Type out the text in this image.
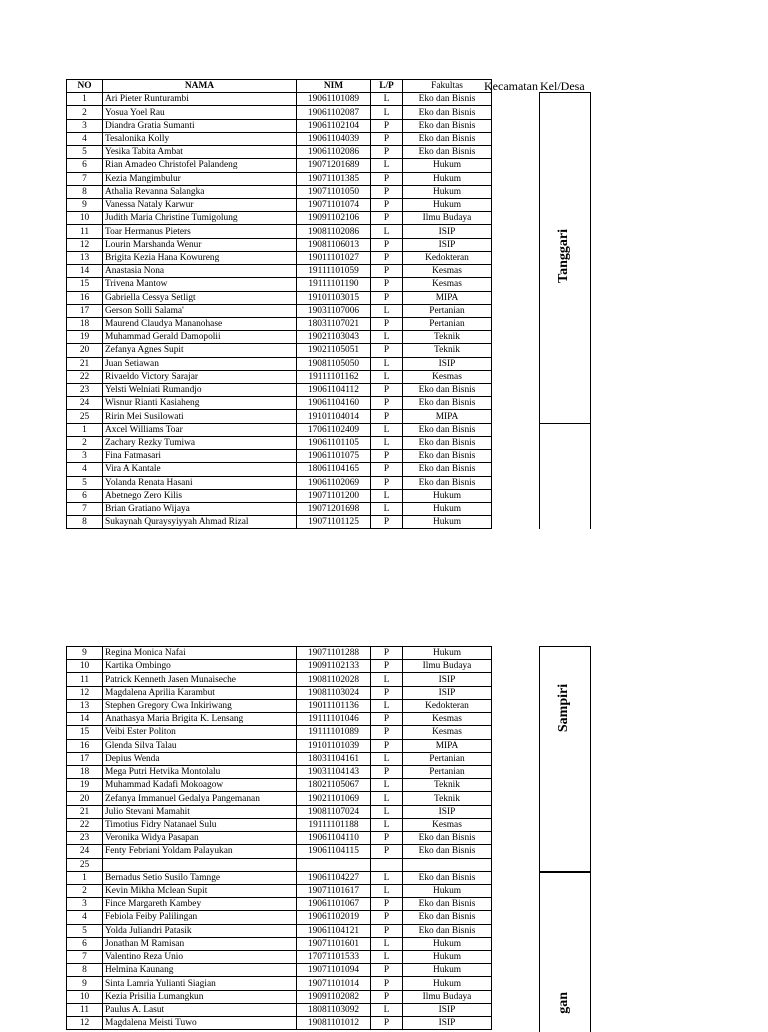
Kecamatan Kel/Desa
NO	NAMA	NIM	L/P	Fakultas
1	Ari Pieter Runturambi	19061101089	L	Eko dan Bisnis
2	Yosua Yoel Rau	19061102087	L	Eko dan Bisnis
3	Diandra Gratia Sumanti	19061102104	P	Eko dan Bisnis
4	Tesalonika Kolly	19061104039	P	Eko dan Bisnis
5	Yesika Tabita Ambat	19061102086	P	Eko dan Bisnis
6	Rian Amadeo Christofel Palandeng	19071201689	L	Hukum
7	Kezia Mangimbulur	19071101385	P	Hukum
8	Athalia Revanna Salangka	19071101050	P	Hukum
9	Vanessa Nataly Karwur	19071101074	P	Hukum
10	Judith Maria Christine Tumigolung	19091102106	P	Ilmu Budaya
11	Toar Hermanus Pieters	19081102086	L	ISIP
12	Lourin Marshanda Wenur	19081106013	P	ISIP
13	Brigita Kezia Hana Kowureng	19011101027	P	Kedokteran
14	Anastasia Nona	19111101059	P	Kesmas
15	Trivena Mantow	19111101190	P	Kesmas
16	Gabriella Cessya Setligt	19101103015	P	MIPA
17	Gerson Solli Salama'	19031107006	L	Pertanian
18	Maurend Claudya Mananohase	18031107021	P	Pertanian
19	Muhammad Gerald Damopolii	19021103043	L	Teknik
20	Zefanya Agnes Supit	19021105051	P	Teknik
21	Juan Setiawan	19081105050	L	ISIP
22	Rivaeldo Victory Sarajar	19111101162	L	Kesmas
23	Yelsti Welniati Rumandjo	19061104112	P	Eko dan Bisnis
24	Wisnur Rianti Kasiaheng	19061104160	P	Eko dan Bisnis
25	Ririn Mei Susilowati	19101104014	P	MIPA
1	Axcel Williams Toar	17061102409	L	Eko dan Bisnis
2	Zachary Rezky Tumiwa	19061101105	L	Eko dan Bisnis
3	Fina Fatmasari	19061101075	P	Eko dan Bisnis
4	Vira A Kantale	18061104165	P	Eko dan Bisnis
5	Yolanda Renata Hasani	19061102069	P	Eko dan Bisnis
6	Abetnego Zero Kilis	19071101200	L	Hukum
7	Brian Gratiano Wijaya	19071201698	L	Hukum
8	Sukaynah Quraysyiyyah Ahmad Rizal	19071101125	P	Hukum
Tanggari
9	Regina Monica Nafai	19071101288	P	Hukum
10	Kartika Ombingo	19091102133	P	Ilmu Budaya
11	Patrick Kenneth Jasen Munaiseche	19081102028	L	ISIP
12	Magdalena Aprilia Karambut	19081103024	P	ISIP
13	Stephen Gregory Cwa Inkiriwang	19011101136	L	Kedokteran
14	Anathasya Maria Brigita K. Lensang	19111101046	P	Kesmas
15	Veibi Ester Politon	19111101089	P	Kesmas
16	Glenda Silva Talau	19101101039	P	MIPA
17	Depius Wenda	18031104161	L	Pertanian
18	Mega Putri Hetvika Montolalu	19031104143	P	Pertanian
19	Muhammad Kadafi Mokoagow	18021105067	L	Teknik
20	Zefanya Immanuel Gedalya Pangemanan	19021101069	L	Teknik
21	Julio Stevani Mamahit	19081107024	L	ISIP
22	Timotius Fidry Natanael Sulu	19111101188	L	Kesmas
23	Veronika Widya Pasapan	19061104110	P	Eko dan Bisnis
24	Fenty Febriani Yoldam Palayukan	19061104115	P	Eko dan Bisnis
25				
1	Bernadus Setio Susilo Tamnge	19061104227	L	Eko dan Bisnis
2	Kevin Mikha Mclean Supit	19071101617	L	Hukum
3	Fince Margareth Kambey	19061101067	P	Eko dan Bisnis
4	Febiola Feiby Palilingan	19061102019	P	Eko dan Bisnis
5	Yolda Juliandri Patasik	19061104121	P	Eko dan Bisnis
6	Jonathan M Ramisan	19071101601	L	Hukum
7	Valentino Reza Unio	17071101533	L	Hukum
8	Helmina Kaunang	19071101094	P	Hukum
9	Sinta Lamria Yulianti Siagian	19071101014	P	Hukum
10	Kezia Prisilia Lumangkun	19091102082	P	Ilmu Budaya
11	Paulus A. Lasut	18081103092	L	ISIP
12	Magdalena Meisti Tuwo	19081101012	P	ISIP
Sampiri
gan
